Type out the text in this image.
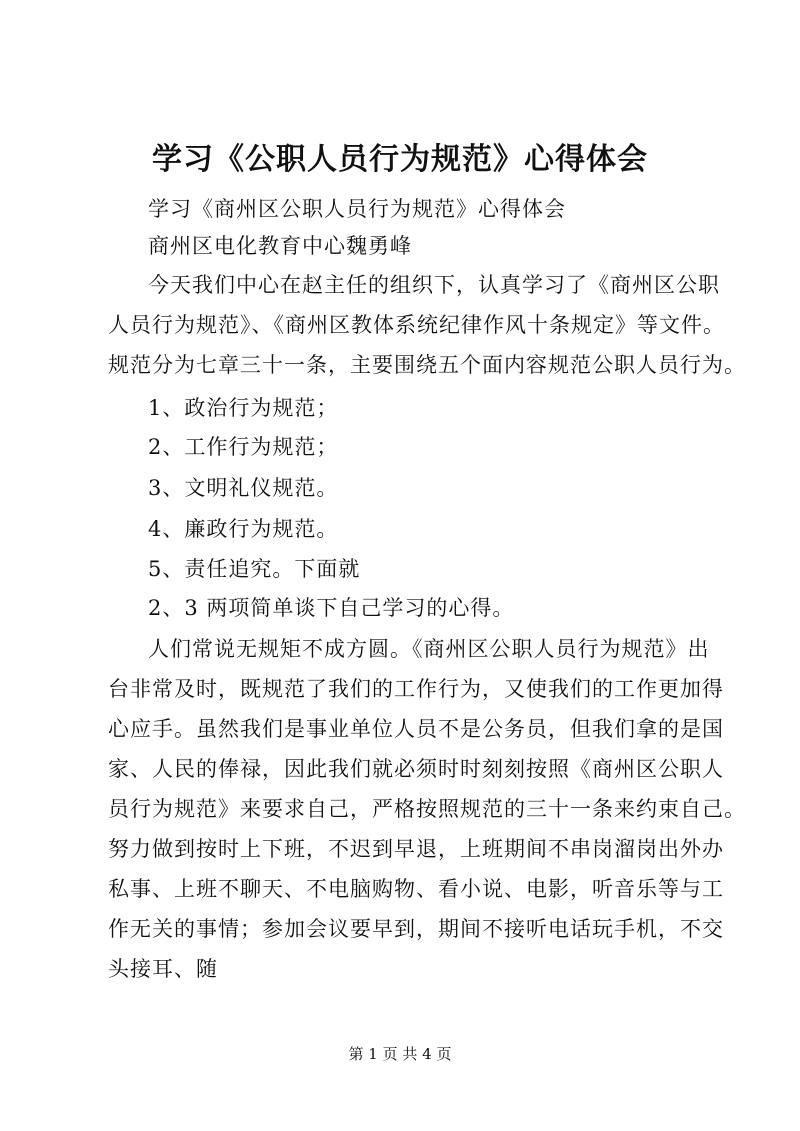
学习《公职人员行为规范》心得体会
学习《商州区公职人员行为规范》心得体会
商州区电化教育中心魏勇峰
今天我们中心在赵主任的组织下，认真学习了《商州区公职
人员行为规范》、《商州区教体系统纪律作风十条规定》等文件。
规范分为七章三十一条，主要围绕五个面内容规范公职人员行为。
1、政治行为规范；
2、工作行为规范；
3、文明礼仪规范。
4、廉政行为规范。
5、责任追究。下面就
2、3 两项简单谈下自己学习的心得。
人们常说无规矩不成方圆。《商州区公职人员行为规范》出
台非常及时，既规范了我们的工作行为，又使我们的工作更加得
心应手。虽然我们是事业单位人员不是公务员，但我们拿的是国
家、人民的俸禄，因此我们就必须时时刻刻按照《商州区公职人
员行为规范》来要求自己，严格按照规范的三十一条来约束自己。
努力做到按时上下班，不迟到早退，上班期间不串岗溜岗出外办
私事、上班不聊天、不电脑购物、看小说、电影，听音乐等与工
作无关的事情；参加会议要早到，期间不接听电话玩手机，不交
头接耳、随
第 1 页 共 4 页
